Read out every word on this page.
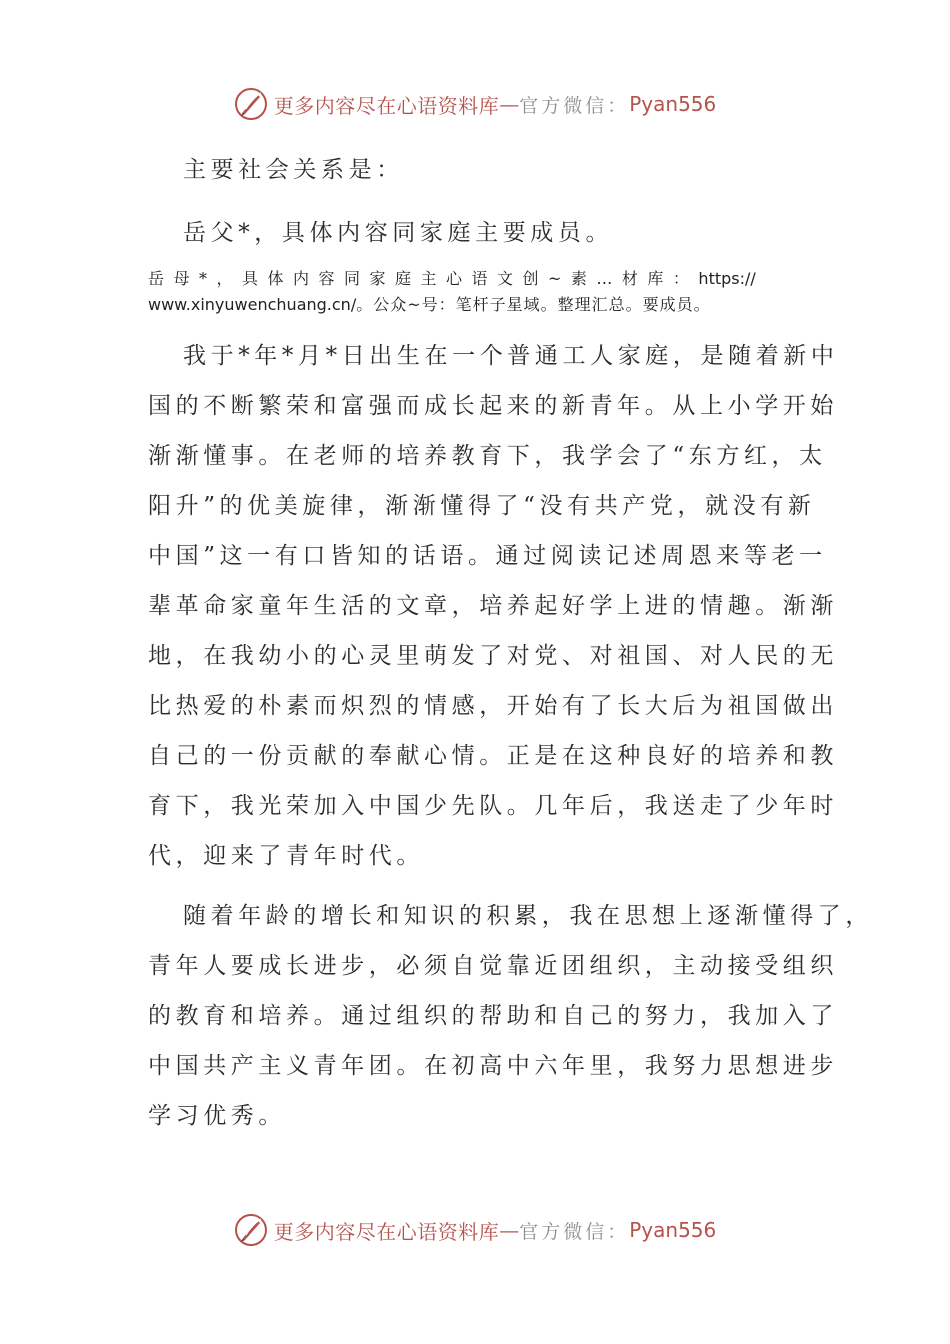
更多内容尽在心语资料库 — 官方微信： Pyan556
主要社会关系是：
岳父*，具体内容同家庭主要成员。
岳母*，具体内容同家庭主心语文创~素…材库：https://
www.xinyuwenchuang.cn/。公众~号：笔杆子星域。整理汇总。要成员。
我于*年*月*日出生在一个普通工人家庭，是随着新中
国的不断繁荣和富强而成长起来的新青年。从上小学开始
渐渐懂事。在老师的培养教育下，我学会了“东方红，太
阳升”的优美旋律，渐渐懂得了“没有共产党，就没有新
中国”这一有口皆知的话语。通过阅读记述周恩来等老一
辈革命家童年生活的文章，培养起好学上进的情趣。渐渐
地，在我幼小的心灵里萌发了对党、对祖国、对人民的无
比热爱的朴素而炽烈的情感，开始有了长大后为祖国做出
自己的一份贡献的奉献心情。正是在这种良好的培养和教
育下，我光荣加入中国少先队。几年后，我送走了少年时
代，迎来了青年时代。
随着年龄的增长和知识的积累，我在思想上逐渐懂得了，
青年人要成长进步，必须自觉靠近团组织，主动接受组织
的教育和培养。通过组织的帮助和自己的努力，我加入了
中国共产主义青年团。在初高中六年里，我努力思想进步
学习优秀。
更多内容尽在心语资料库 — 官方微信： Pyan556
